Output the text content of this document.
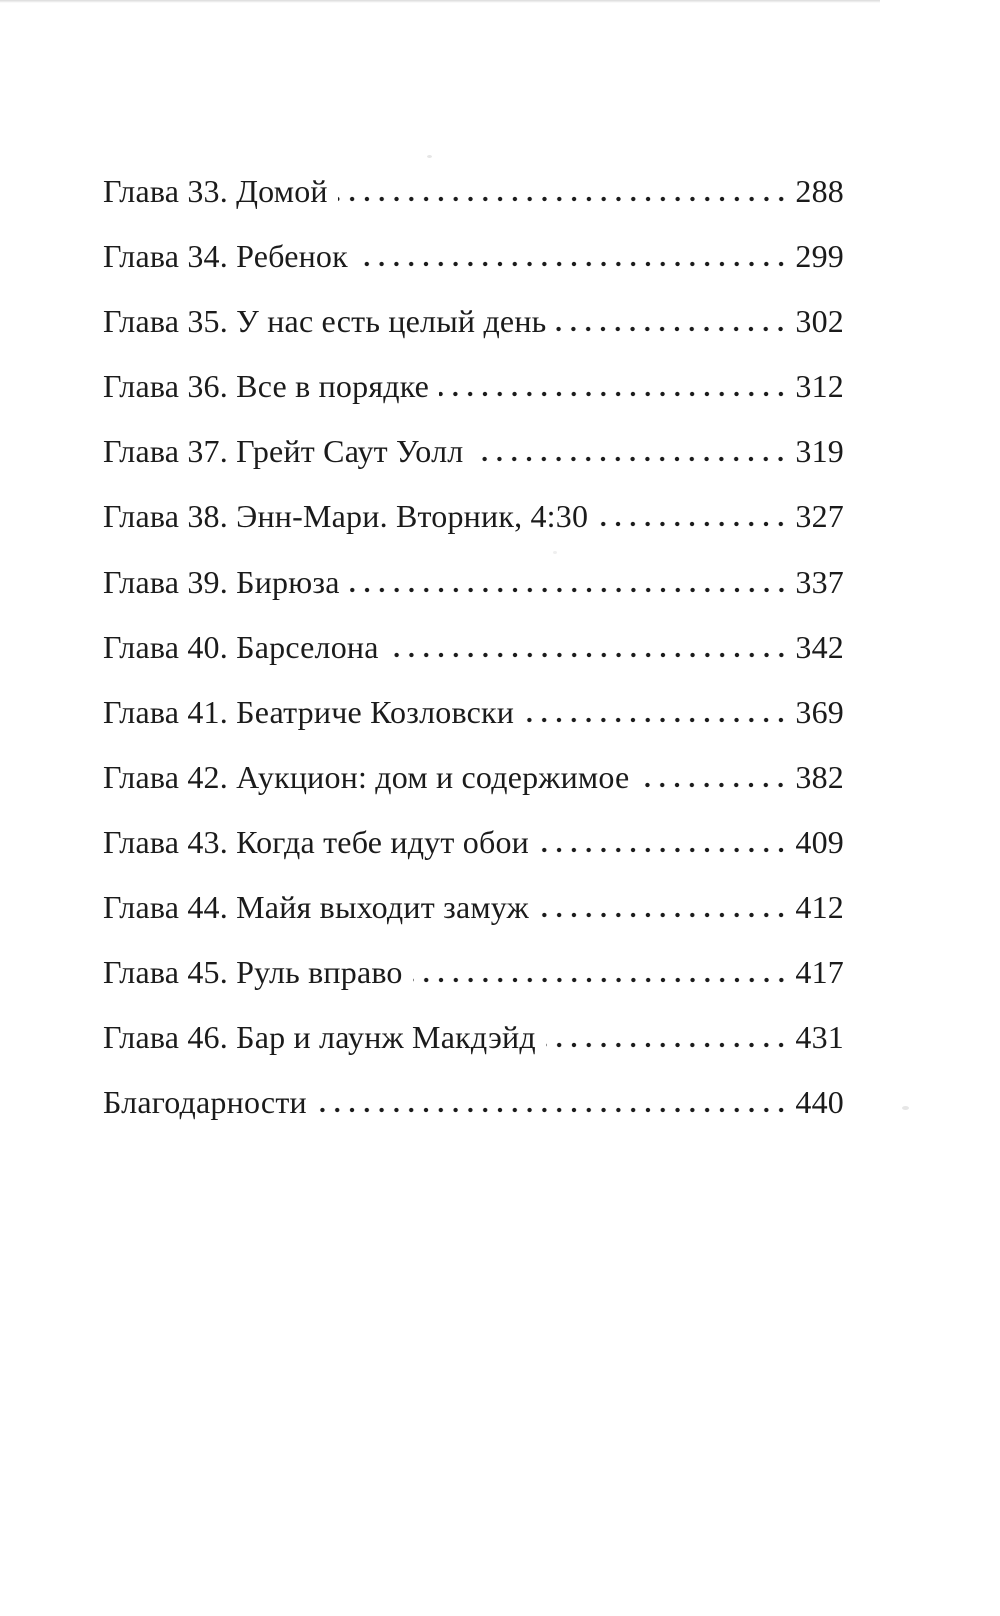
Глава 33. Домой	288
Глава 34. Ребенок	299
Глава 35. У нас есть целый день	302
Глава 36. Все в порядке	312
Глава 37. Грейт Саут Уолл	319
Глава 38. Энн-Мари. Вторник, 4:30	327
Глава 39. Бирюза	337
Глава 40. Барселона	342
Глава 41. Беатриче Козловски	369
Глава 42. Аукцион: дом и содержимое	382
Глава 43. Когда тебе идут обои	409
Глава 44. Майя выходит замуж	412
Глава 45. Руль вправо	417
Глава 46. Бар и лаунж Макдэйд	431
Благодарности	440
